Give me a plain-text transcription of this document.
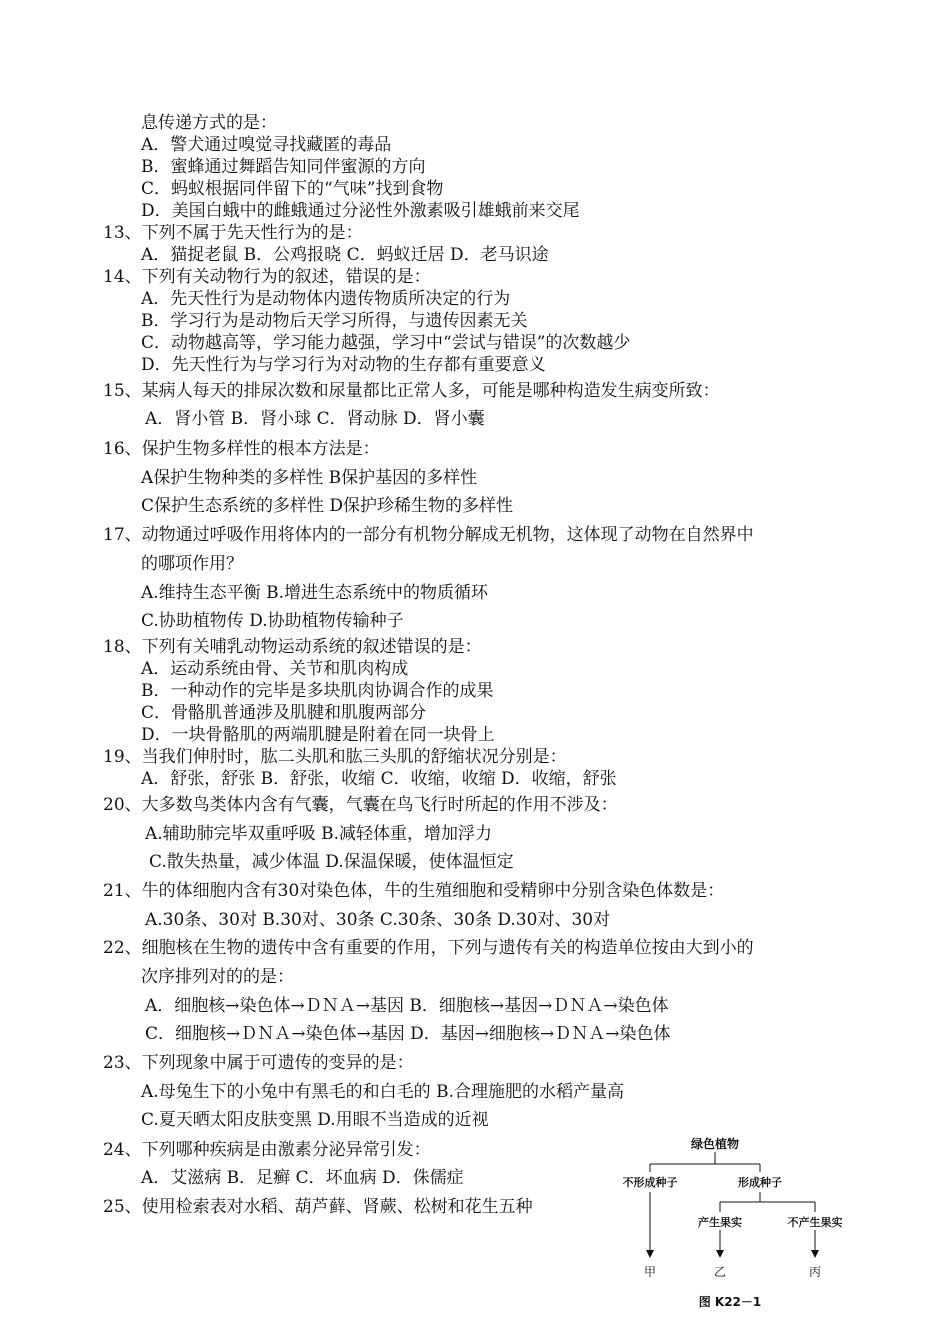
息传递方式的是：
A．警犬通过嗅觉寻找藏匿的毒品
B．蜜蜂通过舞蹈告知同伴蜜源的方向
C．蚂蚁根据同伴留下的“气味”找到食物
D．美国白蛾中的雌蛾通过分泌性外激素吸引雄蛾前来交尾
13、下列不属于先天性行为的是：
A．猫捉老鼠 B．公鸡报晓 C．蚂蚁迁居 D．老马识途
14、下列有关动物行为的叙述，错误的是：
A．先天性行为是动物体内遗传物质所决定的行为
B．学习行为是动物后天学习所得，与遗传因素无关
C．动物越高等，学习能力越强，学习中“尝试与错误”的次数越少
D．先天性行为与学习行为对动物的生存都有重要意义
15、某病人每天的排尿次数和尿量都比正常人多，可能是哪种构造发生病变所致：
A．肾小管 B．肾小球 C．肾动脉 D．肾小囊
16、保护生物多样性的根本方法是：
A保护生物种类的多样性 B保护基因的多样性
C保护生态系统的多样性 D保护珍稀生物的多样性
17、动物通过呼吸作用将体内的一部分有机物分解成无机物，这体现了动物在自然界中
的哪项作用？
A.维持生态平衡 B.增进生态系统中的物质循环
C.协助植物传 D.协助植物传输种子
18、下列有关哺乳动物运动系统的叙述错误的是：
A．运动系统由骨、关节和肌肉构成
B．一种动作的完毕是多块肌肉协调合作的成果
C．骨骼肌普通涉及肌腱和肌腹两部分
D．一块骨骼肌的两端肌腱是附着在同一块骨上
19、当我们伸肘时，肱二头肌和肱三头肌的舒缩状况分别是：
A．舒张，舒张 B．舒张，收缩 C．收缩，收缩 D．收缩，舒张
20、大多数鸟类体内含有气囊，气囊在鸟飞行时所起的作用不涉及：
A.辅助肺完毕双重呼吸 B.减轻体重，增加浮力
C.散失热量，减少体温 D.保温保暖，使体温恒定
21、牛的体细胞内含有30对染色体，牛的生殖细胞和受精卵中分别含染色体数是：
A.30条、30对 B.30对、30条 C.30条、30条 D.30对、30对
22、细胞核在生物的遗传中含有重要的作用，下列与遗传有关的构造单位按由大到小的
次序排列对的的是：
A．细胞核→染色体→ＤＮＡ→基因 B．细胞核→基因→ＤＮＡ→染色体
C．细胞核→ＤＮＡ→染色体→基因 D．基因→细胞核→ＤＮＡ→染色体
23、下列现象中属于可遗传的变异的是：
A.母兔生下的小兔中有黑毛的和白毛的 B.合理施肥的水稻产量高
C.夏天晒太阳皮肤变黑 D.用眼不当造成的近视
24、下列哪种疾病是由激素分泌异常引发：
A．艾滋病 B．足癣 C．坏血病 D．侏儒症
25、使用检索表对水稻、葫芦藓、肾蕨、松树和花生五种
绿色植物
不形成种子	形成种子
产生果实	不产生果实
甲	乙	丙
图 K22－1
